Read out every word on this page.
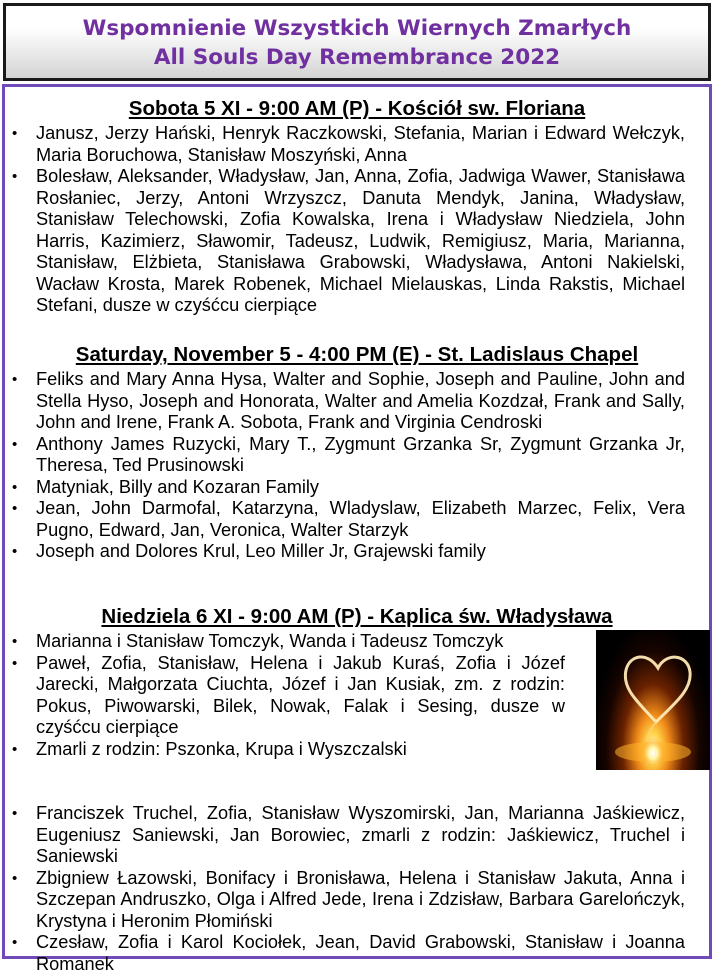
Wspomnienie Wszystkich Wiernych Zmarłych
All Souls Day Remembrance 2022
Sobota 5 XI - 9:00 AM (P) - Kościół sw. Floriana
• Janusz, Jerzy Hański, Henryk Raczkowski, Stefania, Marian i Edward Wełczyk, Maria Boruchowa, Stanisław Moszyński, Anna
• Bolesław, Aleksander, Władysław, Jan, Anna, Zofia, Jadwiga Wawer, Stanisława Rosłaniec, Jerzy, Antoni Wrzyszcz, Danuta Mendyk, Janina, Władysław, Stanisław Telechowski, Zofia Kowalska, Irena i Władysław Niedziela, John Harris, Kazimierz, Sławomir, Tadeusz, Ludwik, Remigiusz, Maria, Marianna, Stanisław, Elżbieta, Stanisława Grabowski, Władysława, Antoni Nakielski, Wacław Krosta, Marek Robenek, Michael Mielauskas, Linda Rakstis, Michael Stefani, dusze w czyśćcu cierpiące
Saturday, November 5 - 4:00 PM (E) - St. Ladislaus Chapel
• Feliks and Mary Anna Hysa, Walter and Sophie, Joseph and Pauline, John and Stella Hyso, Joseph and Honorata, Walter and Amelia Kozdzał, Frank and Sally, John and Irene, Frank A. Sobota, Frank and Virginia Cendroski
• Anthony James Ruzycki, Mary T., Zygmunt Grzanka Sr, Zygmunt Grzanka Jr, Theresa, Ted Prusinowski
• Matyniak, Billy and Kozaran Family
• Jean, John Darmofal, Katarzyna, Wladyslaw, Elizabeth Marzec, Felix, Vera Pugno, Edward, Jan, Veronica, Walter Starzyk
• Joseph and Dolores Krul, Leo Miller Jr, Grajewski family
Niedziela 6 XI - 9:00 AM (P) - Kaplica św. Władysława
• Marianna i Stanisław Tomczyk, Wanda i Tadeusz Tomczyk
• Paweł, Zofia, Stanisław, Helena i Jakub Kuraś, Zofia i Józef Jarecki, Małgorzata Ciuchta, Józef i Jan Kusiak, zm. z rodzin: Pokus, Piwowarski, Bilek, Nowak, Falak i Sesing, dusze w czyśćcu cierpiące
• Zmarli z rodzin: Pszonka, Krupa i Wyszczalski
• Franciszek Truchel, Zofia, Stanisław Wyszomirski, Jan, Marianna Jaśkiewicz, Eugeniusz Saniewski, Jan Borowiec, zmarli z rodzin: Jaśkiewicz, Truchel i Saniewski
• Zbigniew Łazowski, Bonifacy i Bronisława, Helena i Stanisław Jakuta, Anna i Szczepan Andruszko, Olga i Alfred Jede, Irena i Zdzisław, Barbara Garelończyk, Krystyna i Heronim Płomiński
• Czesław, Zofia i Karol Kociołek, Jean, David Grabowski, Stanisław i Joanna Romanek
